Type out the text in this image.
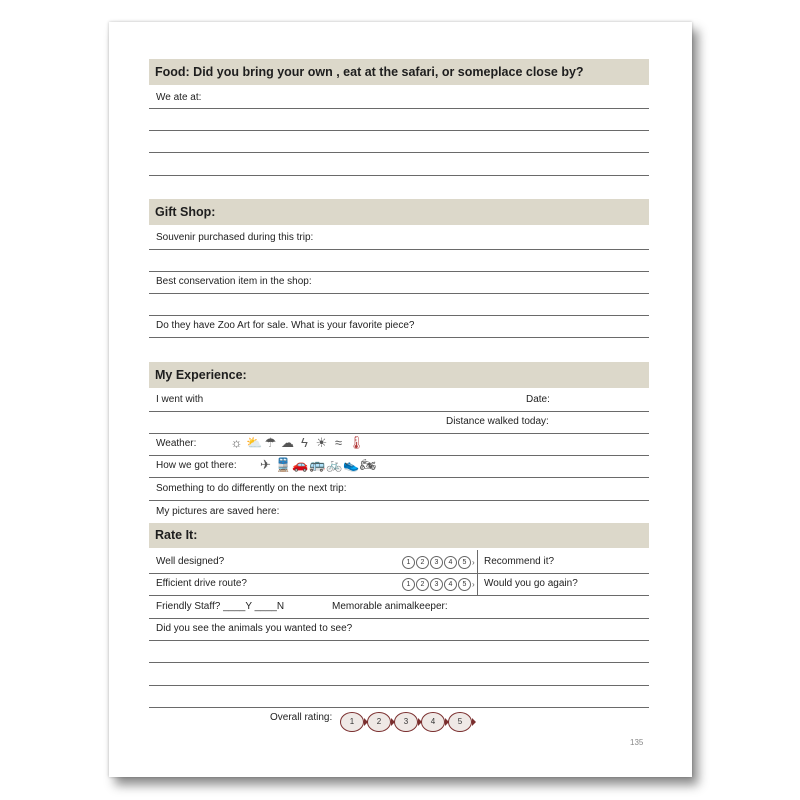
Food: Did you bring your own , eat at the safari, or someplace close by?
We ate at:
Gift Shop:
Souvenir purchased during this trip:
Best conservation item in the shop:
Do they have Zoo Art for sale. What is your favorite piece?
My Experience:
I went with	Date:
Distance walked today:
Weather:	☼ ⛅ ☂ ☁ ϟ ☀ ≈ 🌡
How we got there: ✈ 🚆 🚗 🚌 🚲 👟 🏍
Something to do differently on the next trip:
My pictures are saved here:
Rate It:
Well designed?	1	2	3	4	5 › Recommend it?
Efficient drive route?	1	2	3	4	5 › Would you go again?
Friendly Staff? ____Y ____N	Memorable animalkeeper:
Did you see the animals you wanted to see?
Overall rating:	1	2	3	4	5
135
